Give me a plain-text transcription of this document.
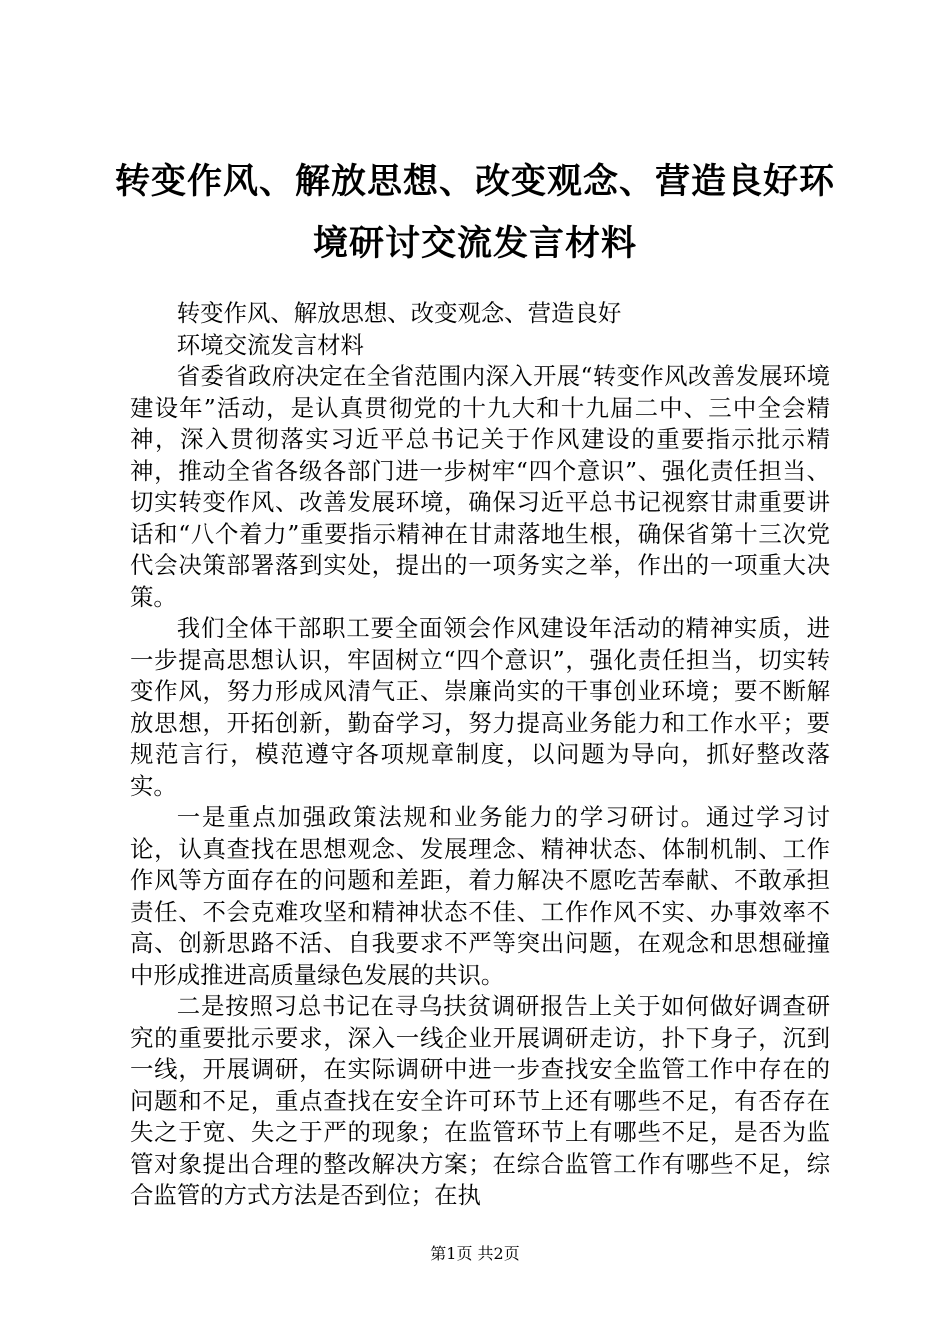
转变作风、解放思想、改变观念、营造良好环
境研讨交流发言材料

转变作风、解放思想、改变观念、营造良好

环境交流发言材料

省委省政府决定在全省范围内深入开展“转变作风改善发展环境建设年”活动，是认真贯彻党的十九大和十九届二中、三中全会精神，深入贯彻落实习近平总书记关于作风建设的重要指示批示精神，推动全省各级各部门进一步树牢“四个意识”、强化责任担当、切实转变作风、改善发展环境，确保习近平总书记视察甘肃重要讲话和“八个着力”重要指示精神在甘肃落地生根，确保省第十三次党代会决策部署落到实处，提出的一项务实之举，作出的一项重大决策。

我们全体干部职工要全面领会作风建设年活动的精神实质，进一步提高思想认识，牢固树立“四个意识”，强化责任担当，切实转变作风，努力形成风清气正、崇廉尚实的干事创业环境；要不断解放思想，开拓创新，勤奋学习，努力提高业务能力和工作水平；要规范言行，模范遵守各项规章制度，以问题为导向，抓好整改落实。

一是重点加强政策法规和业务能力的学习研讨。通过学习讨论，认真查找在思想观念、发展理念、精神状态、体制机制、工作作风等方面存在的问题和差距，着力解决不愿吃苦奉献、不敢承担责任、不会克难攻坚和精神状态不佳、工作作风不实、办事效率不高、创新思路不活、自我要求不严等突出问题，在观念和思想碰撞中形成推进高质量绿色发展的共识。

二是按照习总书记在寻乌扶贫调研报告上关于如何做好调查研究的重要批示要求，深入一线企业开展调研走访，扑下身子，沉到一线，开展调研，在实际调研中进一步查找安全监管工作中存在的问题和不足，重点查找在安全许可环节上还有哪些不足，有否存在失之于宽、失之于严的现象；在监管环节上有哪些不足，是否为监管对象提出合理的整改解决方案；在综合监管工作有哪些不足，综合监管的方式方法是否到位；在执

第1页 共2页
